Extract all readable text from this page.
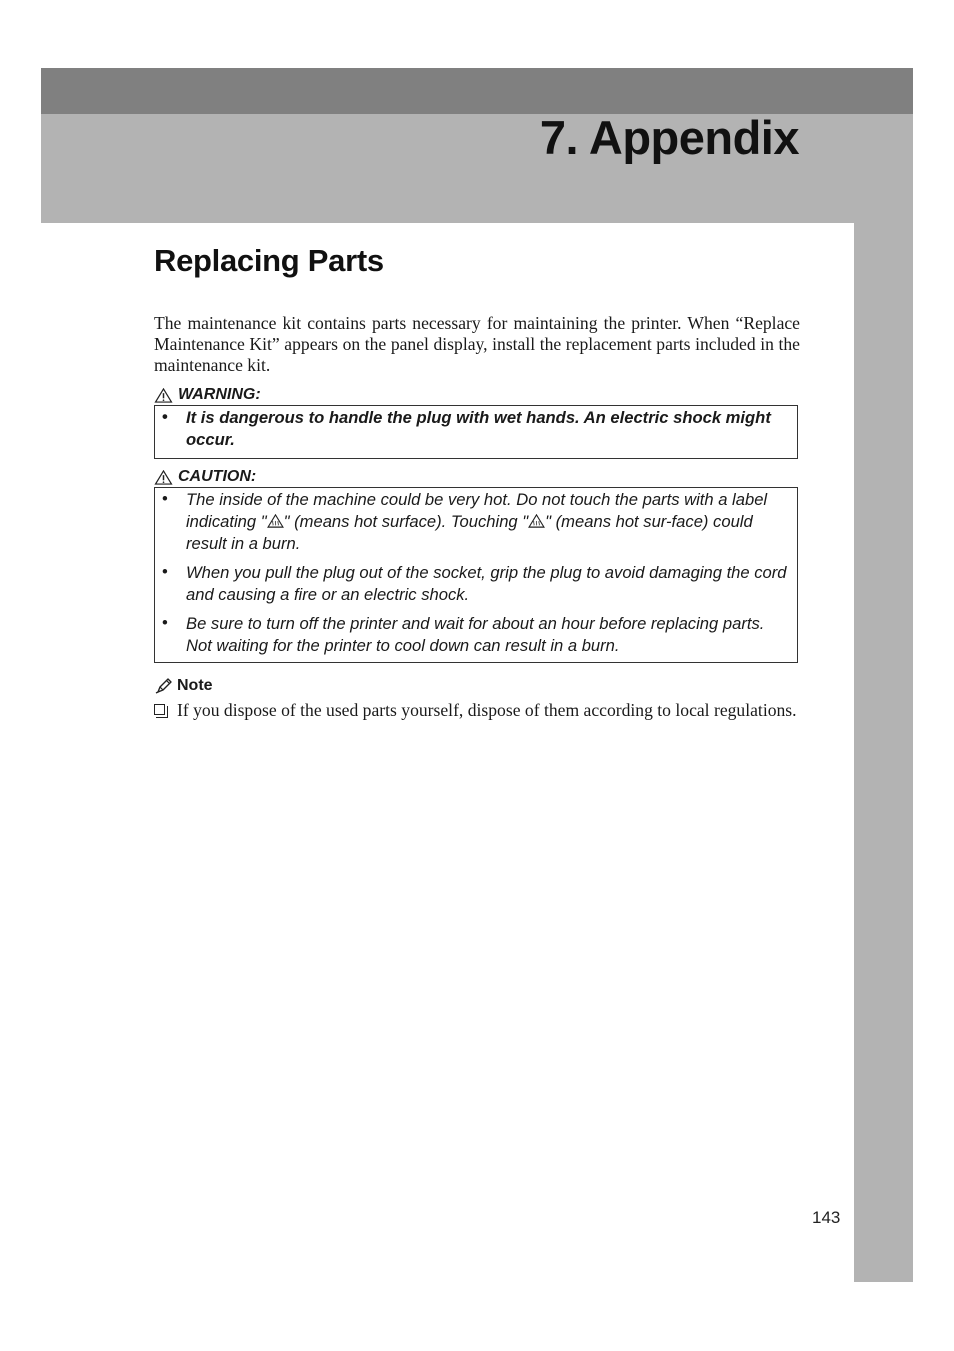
7. Appendix
Replacing Parts

The maintenance kit contains parts necessary for maintaining the printer. When “Replace Maintenance Kit” appears on the panel display, install the replacement parts included in the maintenance kit.

WARNING:
• It is dangerous to handle the plug with wet hands. An electric shock might occur.
CAUTION:
• The inside of the machine could be very hot. Do not touch the parts with a label indicating " " (means hot surface). Touching " " (means hot sur-face) could result in a burn.
• When you pull the plug out of the socket, grip the plug to avoid damaging the cord and causing a fire or an electric shock.
• Be sure to turn off the printer and wait for about an hour before replacing parts. Not waiting for the printer to cool down can result in a burn.
Note

If you dispose of the used parts yourself, dispose of them according to local regulations.

143
